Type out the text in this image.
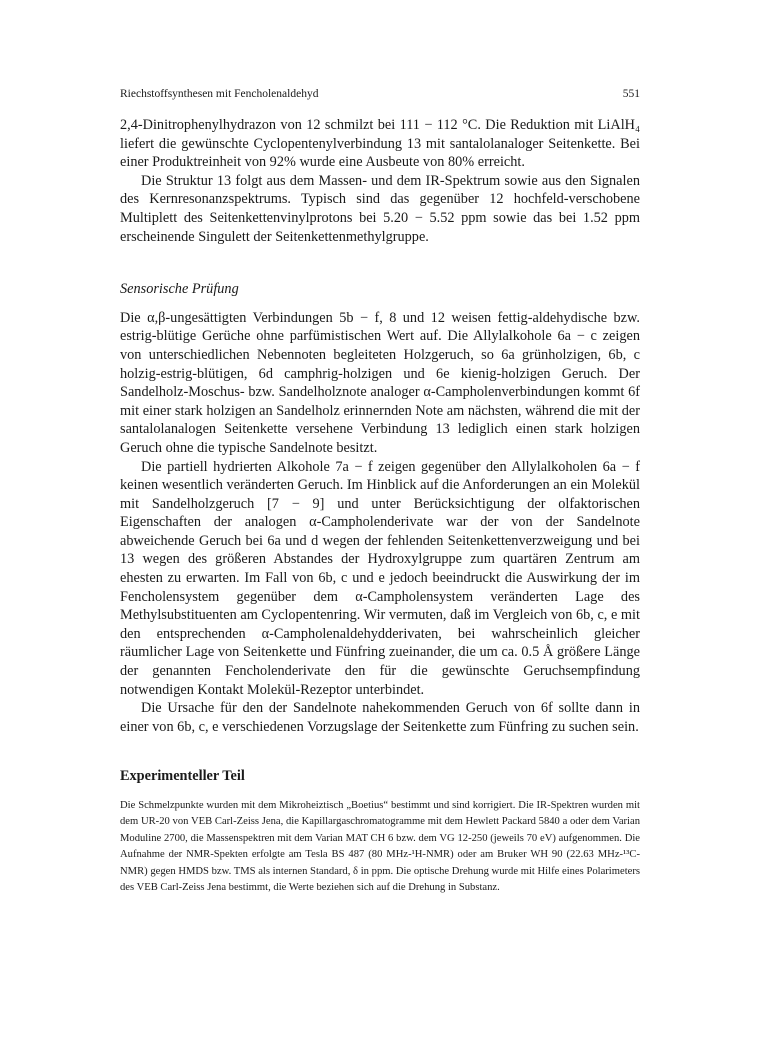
Riechstoffsynthesen mit Fencholenaldehyd	551

2,4-Dinitrophenylhydrazon von 12 schmilzt bei 111 − 112 °C. Die Reduktion mit LiAlH₄ liefert die gewünschte Cyclopentenylverbindung 13 mit santalolanaloger Seitenkette. Bei einer Produktreinheit von 92% wurde eine Ausbeute von 80% erreicht.

Die Struktur 13 folgt aus dem Massen- und dem IR-Spektrum sowie aus den Signalen des Kernresonanzspektrums. Typisch sind das gegenüber 12 hochfeld-verschobene Multiplett des Seitenkettenvinylprotons bei 5.20 − 5.52 ppm sowie das bei 1.52 ppm erscheinende Singulett der Seitenkettenmethylgruppe.

Sensorische Prüfung

Die α,β-ungesättigten Verbindungen 5b − f, 8 und 12 weisen fettig-aldehydische bzw. estrig-blütige Gerüche ohne parfümistischen Wert auf. Die Allylalkohole 6a − c zeigen von unterschiedlichen Nebennoten begleiteten Holzgeruch, so 6a grünholzigen, 6b, c holzig-estrig-blütigen, 6d camphrig-holzigen und 6e kienig-holzigen Geruch. Der Sandelholz-Moschus- bzw. Sandelholznote analoger α-Campholenverbindungen kommt 6f mit einer stark holzigen an Sandelholz erinnernden Note am nächsten, während die mit der santalolanalogen Seitenkette versehene Verbindung 13 lediglich einen stark holzigen Geruch ohne die typische Sandelnote besitzt.

Die partiell hydrierten Alkohole 7a − f zeigen gegenüber den Allylalkoholen 6a − f keinen wesentlich veränderten Geruch. Im Hinblick auf die Anforderungen an ein Molekül mit Sandelholzgeruch [7 − 9] und unter Berücksichtigung der olfaktorischen Eigenschaften der analogen α-Campholenderivate war der von der Sandelnote abweichende Geruch bei 6a und d wegen der fehlenden Seitenkettenverzweigung und bei 13 wegen des größeren Abstandes der Hydroxylgruppe zum quartären Zentrum am ehesten zu erwarten. Im Fall von 6b, c und e jedoch beeindruckt die Auswirkung der im Fencholensystem gegenüber dem α-Campholensystem veränderten Lage des Methylsubstituenten am Cyclopentenring. Wir vermuten, daß im Vergleich von 6b, c, e mit den entsprechenden α-Campholenaldehydderivaten, bei wahrscheinlich gleicher räumlicher Lage von Seitenkette und Fünfring zueinander, die um ca. 0.5 Å größere Länge der genannten Fencholenderivate den für die gewünschte Geruchsempfindung notwendigen Kontakt Molekül-Rezeptor unterbindet.

Die Ursache für den der Sandelnote nahekommenden Geruch von 6f sollte dann in einer von 6b, c, e verschiedenen Vorzugslage der Seitenkette zum Fünfring zu suchen sein.

Experimenteller Teil

Die Schmelzpunkte wurden mit dem Mikroheiztisch „Boetius“ bestimmt und sind korrigiert. Die IR-Spektren wurden mit dem UR-20 von VEB Carl-Zeiss Jena, die Kapillargaschromatogramme mit dem Hewlett Packard 5840 a oder dem Varian Moduline 2700, die Massenspektren mit dem Varian MAT CH 6 bzw. dem VG 12-250 (jeweils 70 eV) aufgenommen. Die Aufnahme der NMR-Spekten erfolgte am Tesla BS 487 (80 MHz-¹H-NMR) oder am Bruker WH 90 (22.63 MHz-¹³C-NMR) gegen HMDS bzw. TMS als internen Standard, δ in ppm. Die optische Drehung wurde mit Hilfe eines Polarimeters des VEB Carl-Zeiss Jena bestimmt, die Werte beziehen sich auf die Drehung in Substanz.
